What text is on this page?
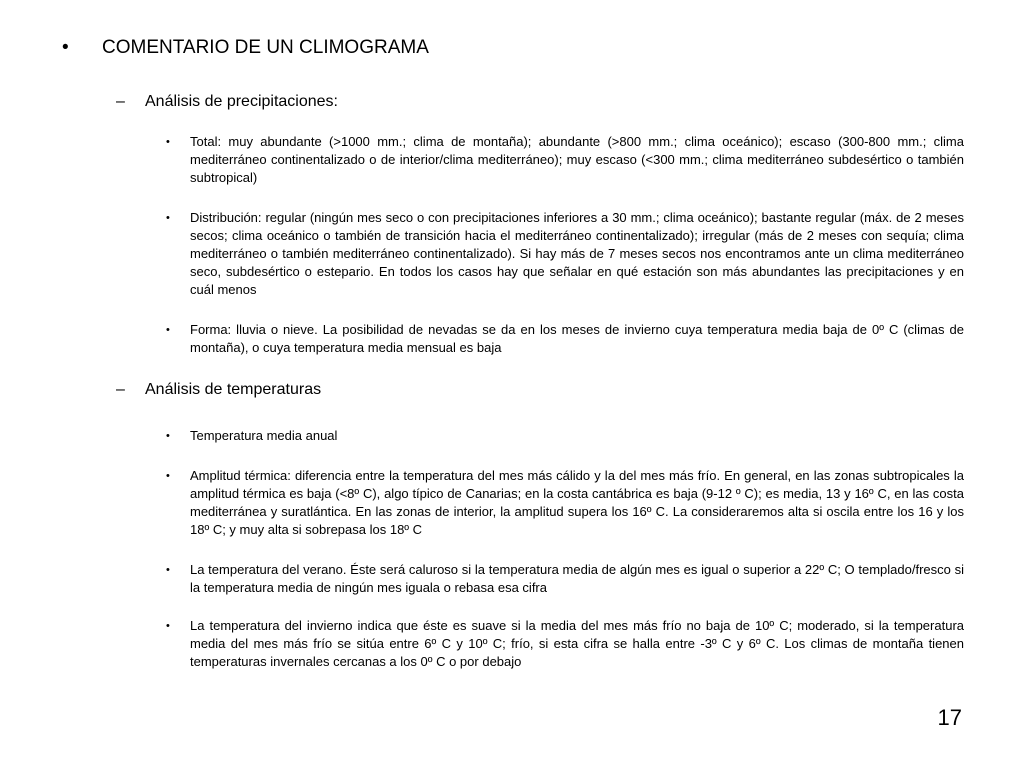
• COMENTARIO DE UN CLIMOGRAMA
– Análisis de precipitaciones:
• Total: muy abundante (>1000 mm.; clima de montaña); abundante (>800 mm.; clima oceánico); escaso (300-800 mm.; clima mediterráneo continentalizado o de interior/clima mediterráneo); muy escaso (<300 mm.; clima mediterráneo subdesértico o también subtropical)
• Distribución: regular (ningún mes seco o con precipitaciones inferiores a 30 mm.; clima oceánico); bastante regular (máx. de 2 meses secos; clima oceánico o también de transición hacia el mediterráneo continentalizado); irregular (más de 2 meses con sequía; clima mediterráneo o también mediterráneo continentalizado). Si hay más de 7 meses secos nos encontramos ante un clima mediterráneo seco, subdesértico o estepario. En todos los casos hay que señalar en qué estación son más abundantes las precipitaciones y en cuál menos
• Forma: lluvia o nieve. La posibilidad de nevadas se da en los meses de invierno cuya temperatura media baja de 0º C (climas de montaña), o cuya temperatura media mensual es baja
– Análisis de temperaturas
• Temperatura media anual
• Amplitud térmica: diferencia entre la temperatura del mes más cálido y la del mes más frío. En general, en las zonas subtropicales la amplitud térmica es baja (<8º C), algo típico de Canarias; en la costa cantábrica es baja (9-12 º C); es media, 13 y 16º C, en las costa mediterránea y suratlántica. En las zonas de interior, la amplitud supera los 16º C. La consideraremos alta si oscila entre los 16 y los 18º C; y muy alta si sobrepasa los 18º C
• La temperatura del verano. Éste será caluroso si la temperatura media de algún mes es igual o superior a 22º C; O templado/fresco si la temperatura media de ningún mes iguala o rebasa esa cifra
• La temperatura del invierno indica que éste es suave si la media del mes más frío no baja de 10º C; moderado, si la temperatura media del mes más frío se sitúa entre 6º C y 10º C; frío, si esta cifra se halla entre -3º C y 6º C. Los climas de montaña tienen temperaturas invernales cercanas a los 0º C o por debajo
17
